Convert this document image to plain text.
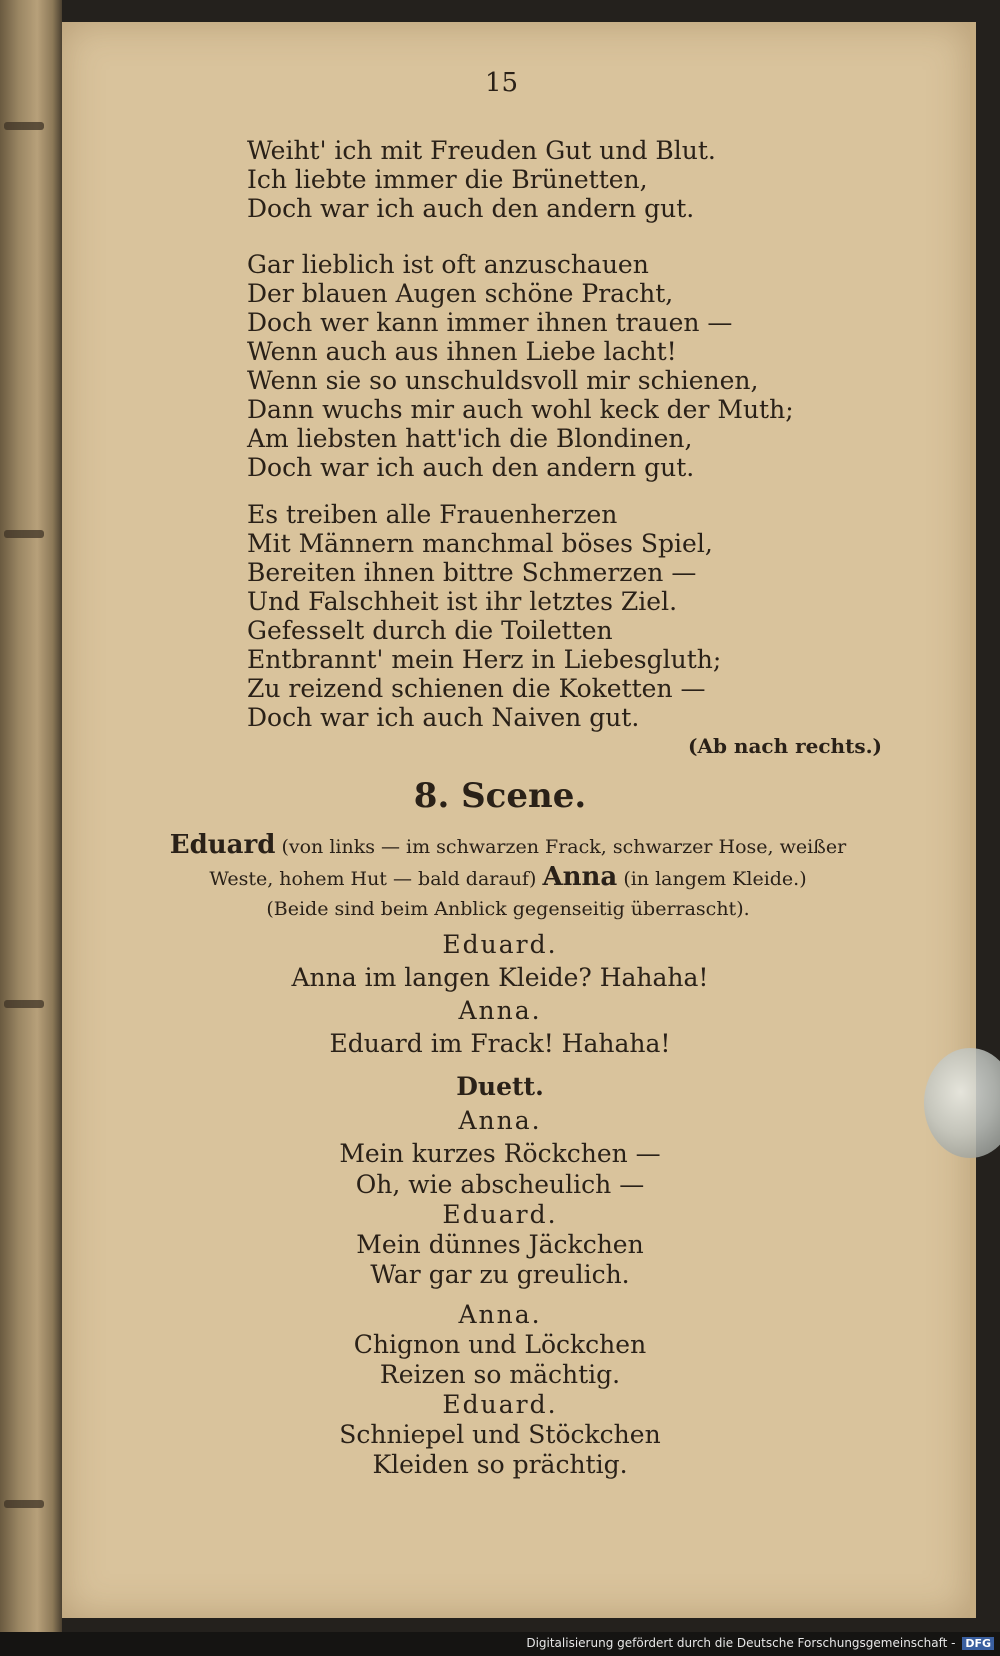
15
Weiht' ich mit Freuden Gut und Blut.
Ich liebte immer die Brünetten,
Doch war ich auch den andern gut.
Gar lieblich ist oft anzuschauen
Der blauen Augen schöne Pracht,
Doch wer kann immer ihnen trauen —
Wenn auch aus ihnen Liebe lacht!
Wenn sie so unschuldsvoll mir schienen,
Dann wuchs mir auch wohl keck der Muth;
Am liebsten hatt'ich die Blondinen,
Doch war ich auch den andern gut.
Es treiben alle Frauenherzen
Mit Männern manchmal böses Spiel,
Bereiten ihnen bittre Schmerzen —
Und Falschheit ist ihr letztes Ziel.
Gefesselt durch die Toiletten
Entbrannt' mein Herz in Liebesgluth;
Zu reizend schienen die Koketten —
Doch war ich auch Naiven gut.
(Ab nach rechts.)
8. Scene.
Eduard (von links — im schwarzen Frack, schwarzer Hose, weißer Weste, hohem Hut — bald darauf) Anna (in langem Kleide.)
(Beide sind beim Anblick gegenseitig überrascht).
Eduard.
Anna im langen Kleide? Hahaha!
Anna.
Eduard im Frack! Hahaha!
Duett.
Anna.
Mein kurzes Röckchen —
Oh, wie abscheulich —
Eduard.
Mein dünnes Jäckchen
War gar zu greulich.
Anna.
Chignon und Löckchen
Reizen so mächtig.
Eduard.
Schniepel und Stöckchen
Kleiden so prächtig.
Digitalisierung gefördert durch die Deutsche Forschungsgemeinschaft - DFG
